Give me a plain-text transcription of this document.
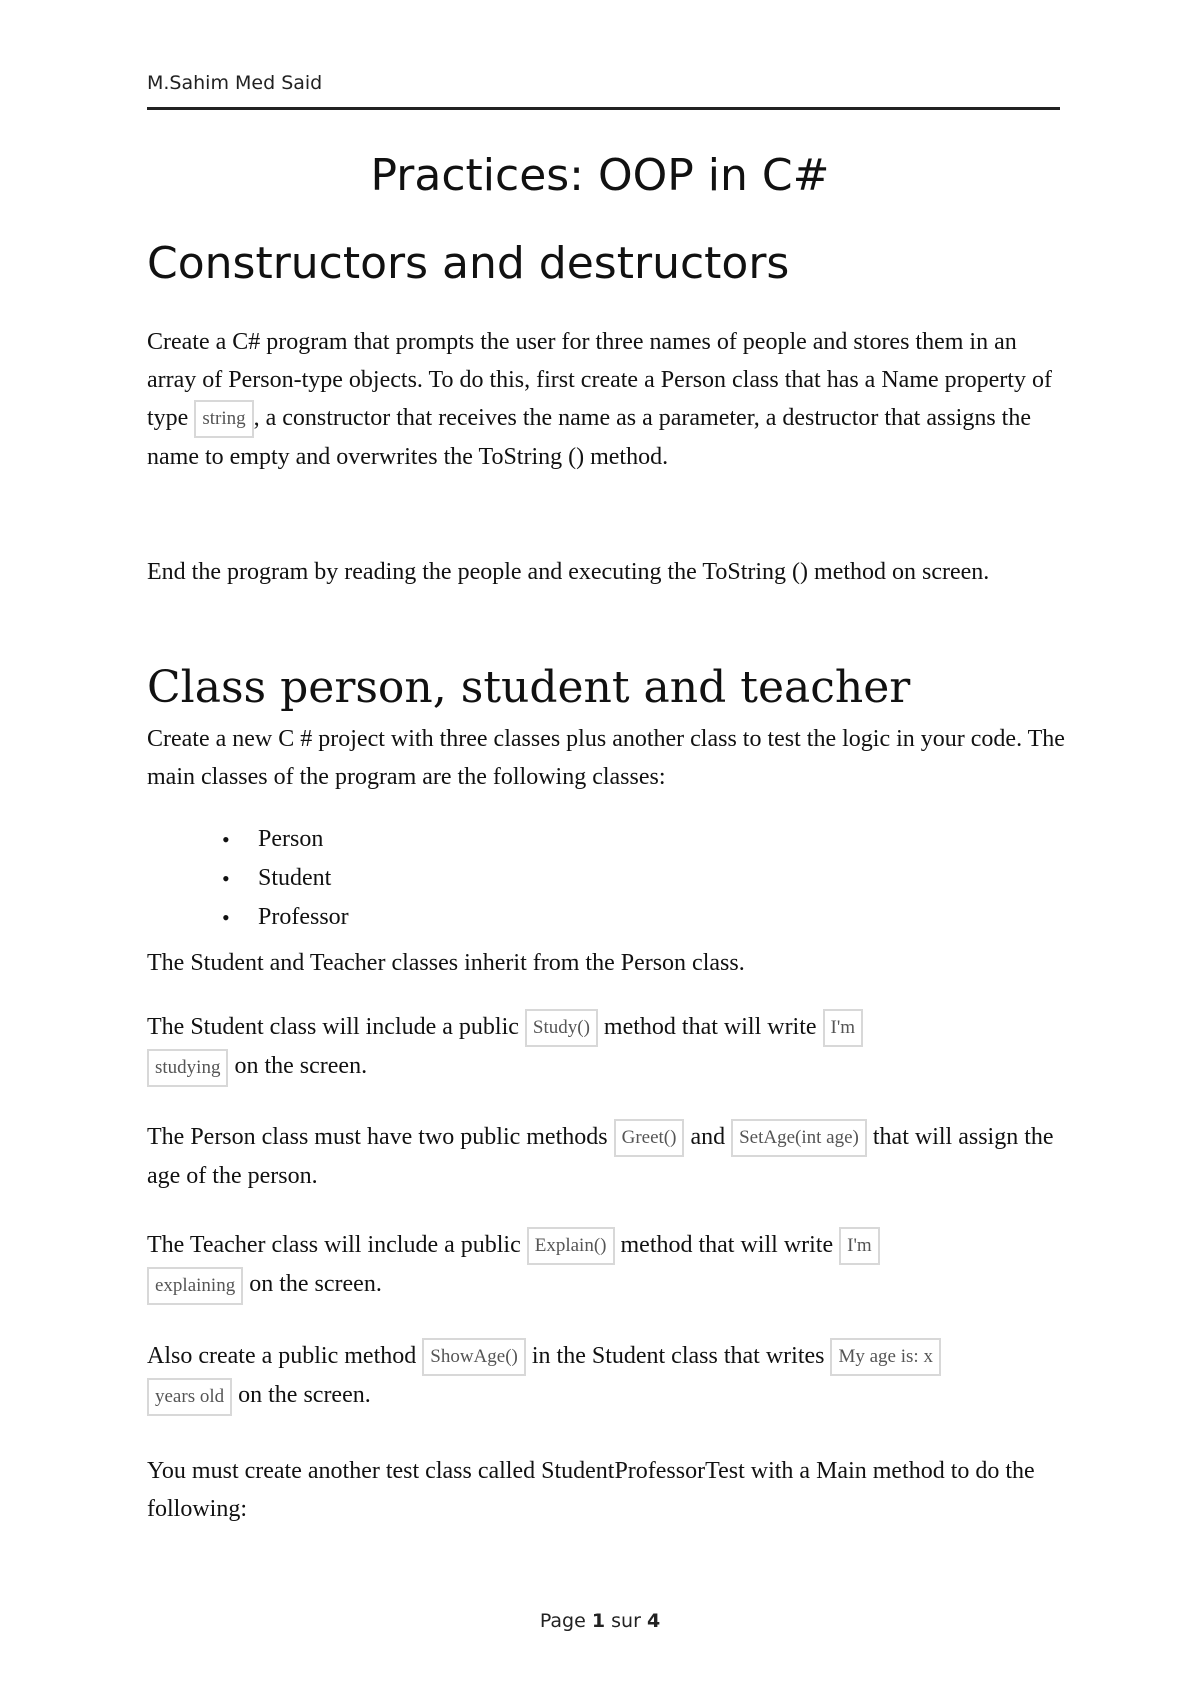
M.Sahim Med Said
Practices: OOP in C#
Constructors and destructors

Create a C# program that prompts the user for three names of people and stores them in an array of Person-type objects. To do this, first create a Person class that has a Name property of type string , a constructor that receives the name as a parameter, a destructor that assigns the name to empty and overwrites the ToString () method.

End the program by reading the people and executing the ToString () method on screen.

Class person, student and teacher

Create a new C # project with three classes plus another class to test the logic in your code. The main classes of the program are the following classes:

• Person
• Student
• Professor

The Student and Teacher classes inherit from the Person class.

The Student class will include a public Study() method that will write I'm
studying on the screen.

The Person class must have two public methods Greet() and SetAge(int age) that will assign the age of the person.

The Teacher class will include a public Explain() method that will write I'm
explaining on the screen.

Also create a public method ShowAge() in the Student class that writes My age is: x
years old on the screen.

You must create another test class called StudentProfessorTest with a Main method to do the following:

Page 1 sur 4
